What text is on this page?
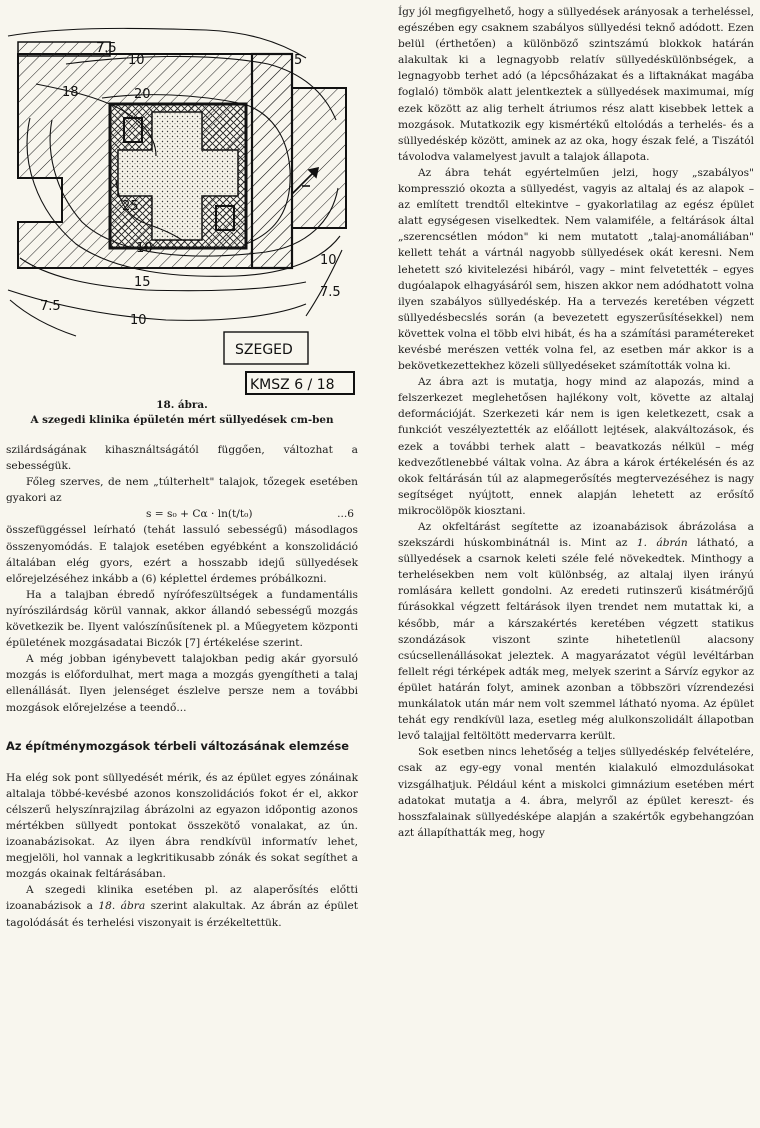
7.5
10	5
18	20
25
10
10
15
10
7.5
7.5
SZEGED
KMSZ 6 / 18
18. ábra.
A szegedi klinika épületén mért süllyedések cm-ben

szilárdságának kihasználtságától függően, változhat a sebességük.

Főleg szerves, de nem „túlterhelt" talajok, tőzegek esetében gyakori az

s = s₀ + Cα · ln(t/t₀)	...6

összefüggéssel leírható (tehát lassuló sebességű) másodlagos összenyomódás. E talajok esetében egyébként a konszolidáció általában elég gyors, ezért a hosszabb idejű süllyedések előrejelzéséhez inkább a (6) képlettel érdemes próbálkozni.

Ha a talajban ébredő nyírófeszültségek a fundamentális nyírószilárdság körül vannak, akkor állandó sebességű mozgás következik be. Ilyent valószínűsítenek pl. a Műegyetem központi épületének mozgásadatai Biczók [7] értékelése szerint.

A még jobban igénybevett talajokban pedig akár gyorsuló mozgás is előfordulhat, mert maga a mozgás gyengítheti a talaj ellenállását. Ilyen jelenséget észlelve persze nem a további mozgások előrejelzése a teendő...

Az építménymozgások térbeli változásának elemzése

Ha elég sok pont süllyedését mérik, és az épület egyes zónáinak altalaja többé-kevésbé azonos konszolidációs fokot ér el, akkor célszerű helyszínrajzilag ábrázolni az egyazon időpontig azonos mértékben süllyedt pontokat összekötő vonalakat, az ún. izoanabázisokat. Az ilyen ábra rendkívül informatív lehet, megjelöli, hol vannak a legkritikusabb zónák és sokat segíthet a mozgás okainak feltárásában.

A szegedi klinika esetében pl. az alaperősítés előtti izoanabázisok a 18. ábra szerint alakultak. Az ábrán az épület tagolódását és terhelési viszonyait is érzékeltettük.

Így jól megfigyelhető, hogy a süllyedések arányosak a terheléssel, egészében egy csaknem szabályos süllyedési teknő adódott. Ezen belül (érthetően) a különböző szintszámú blokkok határán alakultak ki a legnagyobb relatív süllyedéskülönbségek, a legnagyobb terhet adó (a lépcsőházakat és a liftaknákat magába foglaló) tömbök alatt jelentkeztek a süllyedések maximumai, míg ezek között az alig terhelt átriumos rész alatt kisebbek lettek a mozgások. Mutatkozik egy kismértékű eltolódás a terhelés- és a süllyedéskép között, aminek az az oka, hogy észak felé, a Tiszától távolodva valamelyest javult a talajok állapota.

Az ábra tehát egyértelműen jelzi, hogy „szabályos" kompresszió okozta a süllyedést, vagyis az altalaj és az alapok – az említett trendtől eltekintve – gyakorlatilag az egész épület alatt egységesen viselkedtek. Nem valamiféle, a feltárások által „szerencsétlen módon" ki nem mutatott „talaj-anomáliában" kellett tehát a vártnál nagyobb süllyedések okát keresni. Nem lehetett szó kivitelezési hibáról, vagy – mint felvetették – egyes dugóalapok elhagyásáról sem, hiszen akkor nem adódhatott volna ilyen szabályos süllyedéskép. Ha a tervezés keretében végzett süllyedésbecslés során (a bevezetett egyszerűsítésekkel) nem követtek volna el több elvi hibát, és ha a számítási paramétereket kevésbé merészen vették volna fel, az esetben már akkor is a bekövetkezettekhez közeli süllyedéseket számították volna ki.

Az ábra azt is mutatja, hogy mind az alapozás, mind a felszerkezet meglehetősen hajlékony volt, követte az altalaj deformációját. Szerkezeti kár nem is igen keletkezett, csak a funkciót veszélyeztették az előállott lejtések, alakváltozások, és ezek a további terhek alatt – beavatkozás nélkül – még kedvezőtlenebbé váltak volna. Az ábra a károk értékelésén és az okok feltárásán túl az alapmegerősítés megtervezéséhez is nagy segítséget nyújtott, ennek alapján lehetett az erősítő mikrocölöpök kiosztani.

Az okfeltárást segítette az izoanabázisok ábrázolása a szekszárdi húskombinátnál is. Mint az 1. ábrán látható, a süllyedések a csarnok keleti széle felé növekedtek. Minthogy a terhelésekben nem volt különbség, az altalaj ilyen irányú romlására kellett gondolni. Az eredeti rutinszerű kisátmérőjű fúrásokkal végzett feltárások ilyen trendet nem mutattak ki, a később, már a kárszakértés keretében végzett statikus szondázások viszont szinte hihetetlenül alacsony csúcsellenállásokat jeleztek. A magyarázatot végül levéltárban fellelt régi térképek adták meg, melyek szerint a Sárvíz egykor az épület határán folyt, aminek azonban a többszöri vízrendezési munkálatok után már nem volt szemmel látható nyoma. Az épület tehát egy rendkívül laza, esetleg még alulkonszolidált állapotban levő talajjal feltöltött medervarra került.

Sok esetben nincs lehetőség a teljes süllyedéskép felvételére, csak az egy-egy vonal mentén kialakuló elmozdulásokat vizsgálhatjuk. Például ként a miskolci gimnázium esetében mért adatokat mutatja a 4. ábra, melyről az épület kereszt- és hosszfalainak süllyedésképe alapján a szakértők egybehangzóan azt állapíthatták meg, hogy
